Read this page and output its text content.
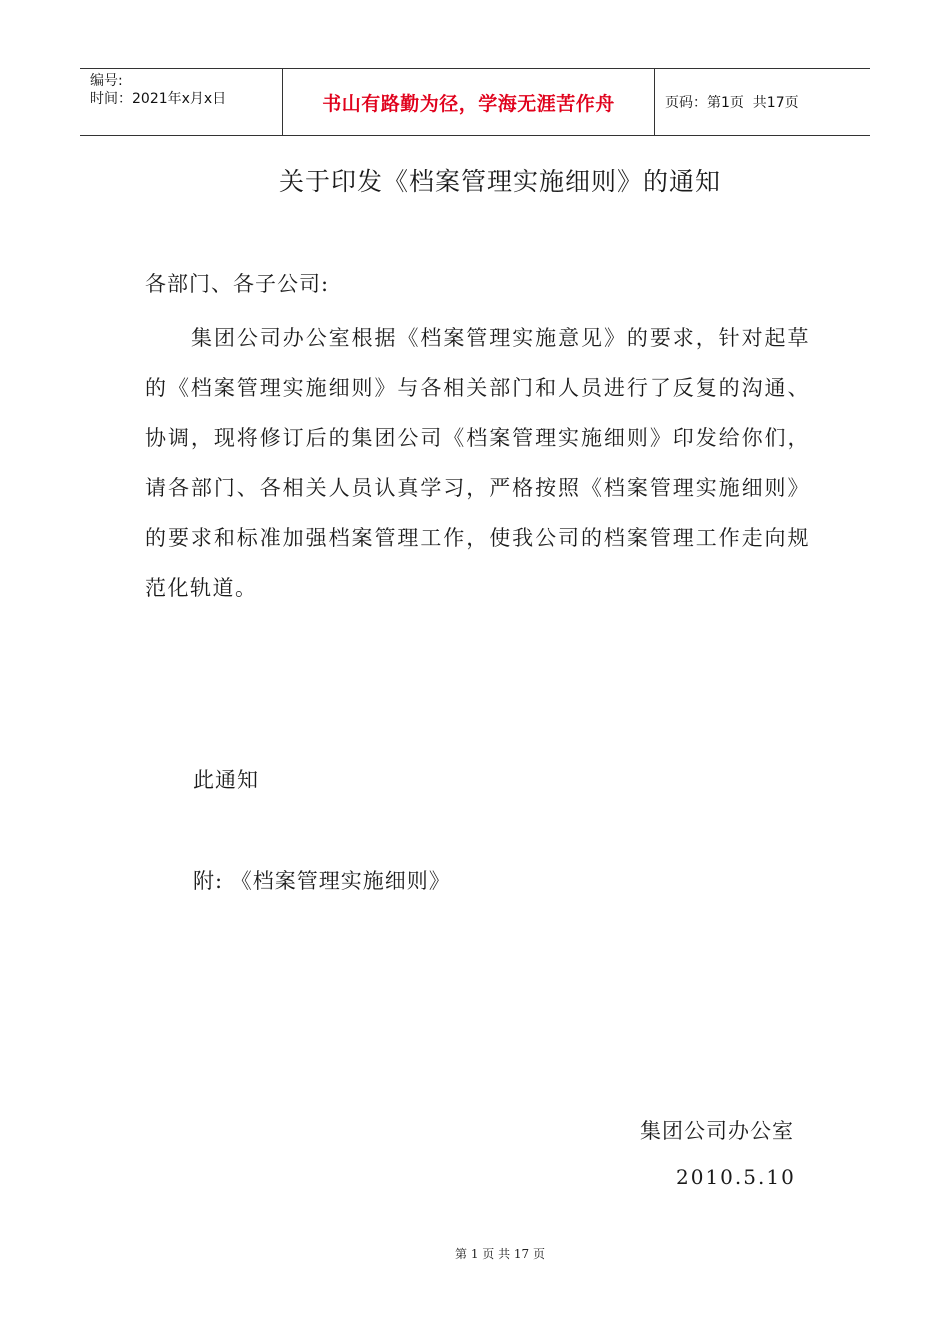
编号:
时间：2021年x月x日	书山有路勤为径，学海无涯苦作舟	页码：第1页  共17页
关于印发《档案管理实施细则》的通知
各部门、各子公司:
集团公司办公室根据《档案管理实施意见》的要求，针对起草的《档案管理实施细则》与各相关部门和人员进行了反复的沟通、协调，现将修订后的集团公司《档案管理实施细则》印发给你们，请各部门、各相关人员认真学习，严格按照《档案管理实施细则》的要求和标准加强档案管理工作，使我公司的档案管理工作走向规范化轨道。
此通知
附: 《档案管理实施细则》
集团公司办公室
2010.5.10
第 1 页 共 17 页
